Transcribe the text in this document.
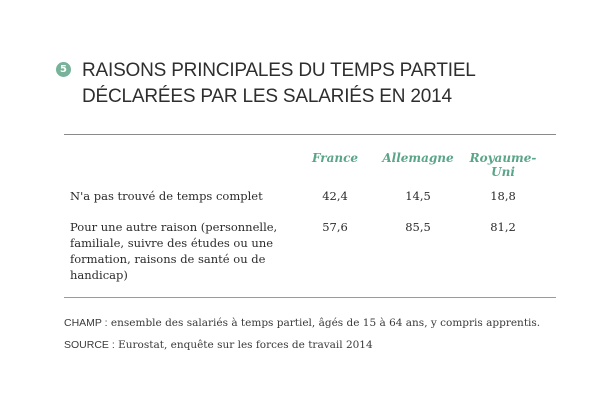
5 RAISONS PRINCIPALES DU TEMPS PARTIEL
DÉCLARÉES PAR LES SALARIÉS EN 2014
France	Allemagne	Royaume-Uni
N'a pas trouvé de temps complet	42,4	14,5	18,8
Pour une autre raison (personnelle,
familiale, suivre des études ou une
formation, raisons de santé ou de
handicap)
57,6	85,5	81,2
CHAMP : ensemble des salariés à temps partiel, âgés de 15 à 64 ans, y compris apprentis.
SOURCE : Eurostat, enquête sur les forces de travail 2014
